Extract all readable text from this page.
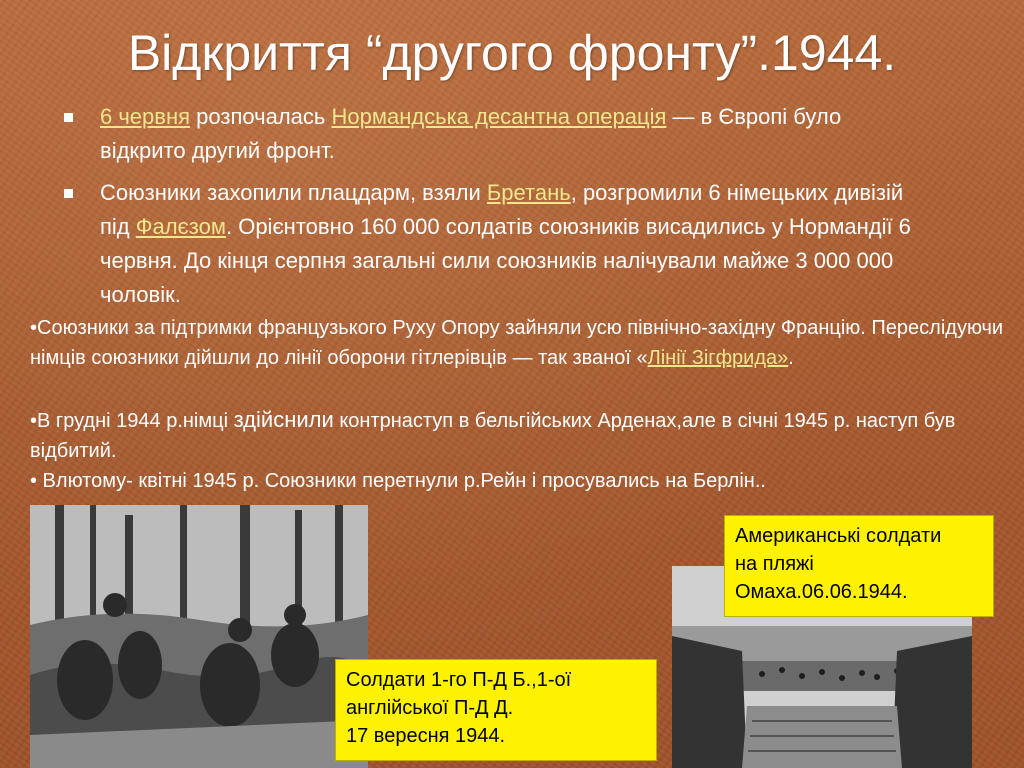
Відкриття “другого фронту”.1944.
6 червня розпочалась Нормандська десантна операція — в Європі було відкрито другий фронт.
Союзники захопили плацдарм, взяли Бретань, розгромили 6 німецьких дивізій під Фалєзом. Орієнтовно 160 000 солдатів союзників висадились у Нормандії 6 червня. До кінця серпня загальні сили союзників налічували майже 3 000 000 чоловік.
•Союзники за підтримки французького Руху Опору зайняли усю північно-західну Францію. Переслідуючи німців союзники дійшли до лінії оборони гітлерівців — так званої «Лінії Зігфрида».
•В грудні 1944 р.німці здійснили контрнаступ в бельгійських Арденах,але в січні 1945 р. наступ був відбитий.
• Влютому- квітні 1945 р. Союзники перетнули р.Рейн і просувались на Берлін..
Американські солдати
на пляжі
Омаха.06.06.1944.
Солдати 1-го П-Д Б.,1-ої
англійської П-Д Д.
17 вересня 1944.
